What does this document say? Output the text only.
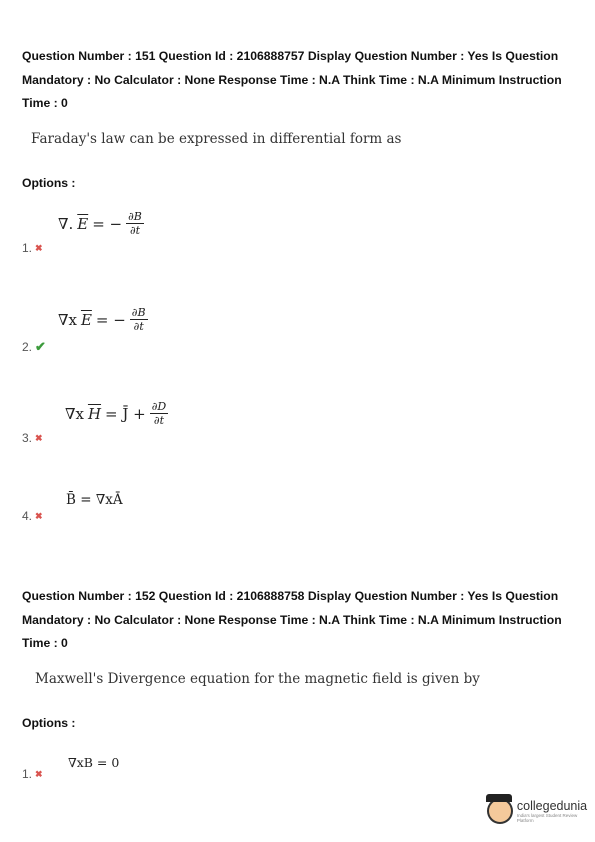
Question Number : 151 Question Id : 2106888757 Display Question Number : Yes Is Question
Mandatory : No Calculator : None Response Time : N.A Think Time : N.A Minimum Instruction
Time : 0
Faraday's law can be expressed in differential form as
Options :
∇. $\overline{E}$ = − $\frac{\partial B}{\partial t}$
1. ✖
∇x $\overline{E}$ = − $\frac{\partial B}{\partial t}$
2. ✔
∇x $\overline{H}$ = J̄ + $\frac{\partial D}{\partial t}$
3. ✖
B̄ = ∇xĀ
4. ✖
Question Number : 152 Question Id : 2106888758 Display Question Number : Yes Is Question
Mandatory : No Calculator : None Response Time : N.A Think Time : N.A Minimum Instruction
Time : 0
Maxwell's Divergence equation for the magnetic field is given by
Options :
∇xB = 0
1. ✖
collegedunia
India's largest Student Review Platform
